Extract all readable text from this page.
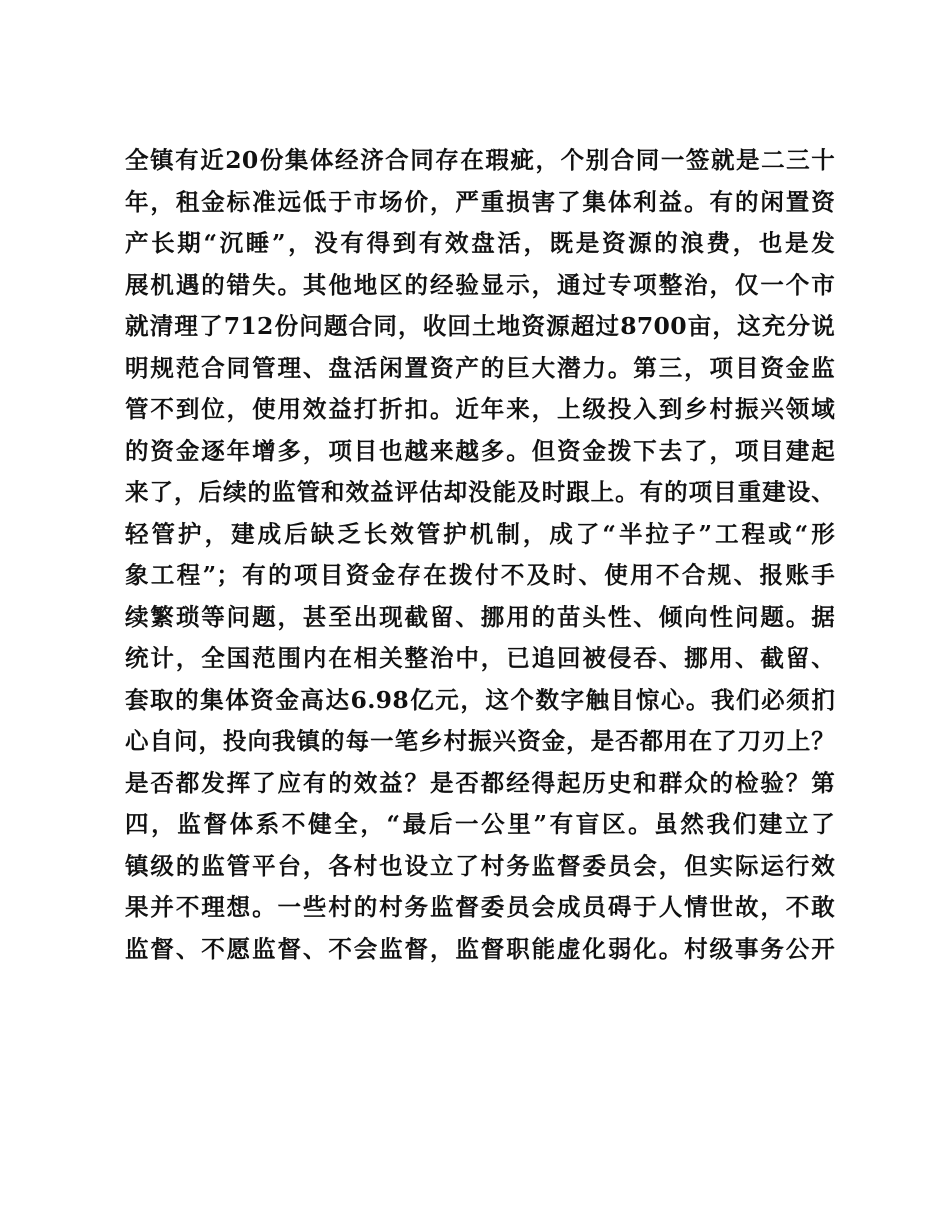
全镇有近20份集体经济合同存在瑕疵，个别合同一签就是二三十
年，租金标准远低于市场价，严重损害了集体利益。有的闲置资
产长期“沉睡”，没有得到有效盘活，既是资源的浪费，也是发
展机遇的错失。其他地区的经验显示，通过专项整治，仅一个市
就清理了712份问题合同，收回土地资源超过8700亩，这充分说
明规范合同管理、盘活闲置资产的巨大潜力。第三，项目资金监
管不到位，使用效益打折扣。近年来，上级投入到乡村振兴领域
的资金逐年增多，项目也越来越多。但资金拨下去了，项目建起
来了，后续的监管和效益评估却没能及时跟上。有的项目重建设、
轻管护，建成后缺乏长效管护机制，成了“半拉子”工程或“形
象工程”；有的项目资金存在拨付不及时、使用不合规、报账手
续繁琐等问题，甚至出现截留、挪用的苗头性、倾向性问题。据
统计，全国范围内在相关整治中，已追回被侵吞、挪用、截留、
套取的集体资金高达6.98亿元，这个数字触目惊心。我们必须扪
心自问，投向我镇的每一笔乡村振兴资金，是否都用在了刀刃上？
是否都发挥了应有的效益？是否都经得起历史和群众的检验？第
四，监督体系不健全，“最后一公里”有盲区。虽然我们建立了
镇级的监管平台，各村也设立了村务监督委员会，但实际运行效
果并不理想。一些村的村务监督委员会成员碍于人情世故，不敢
监督、不愿监督、不会监督，监督职能虚化弱化。村级事务公开
